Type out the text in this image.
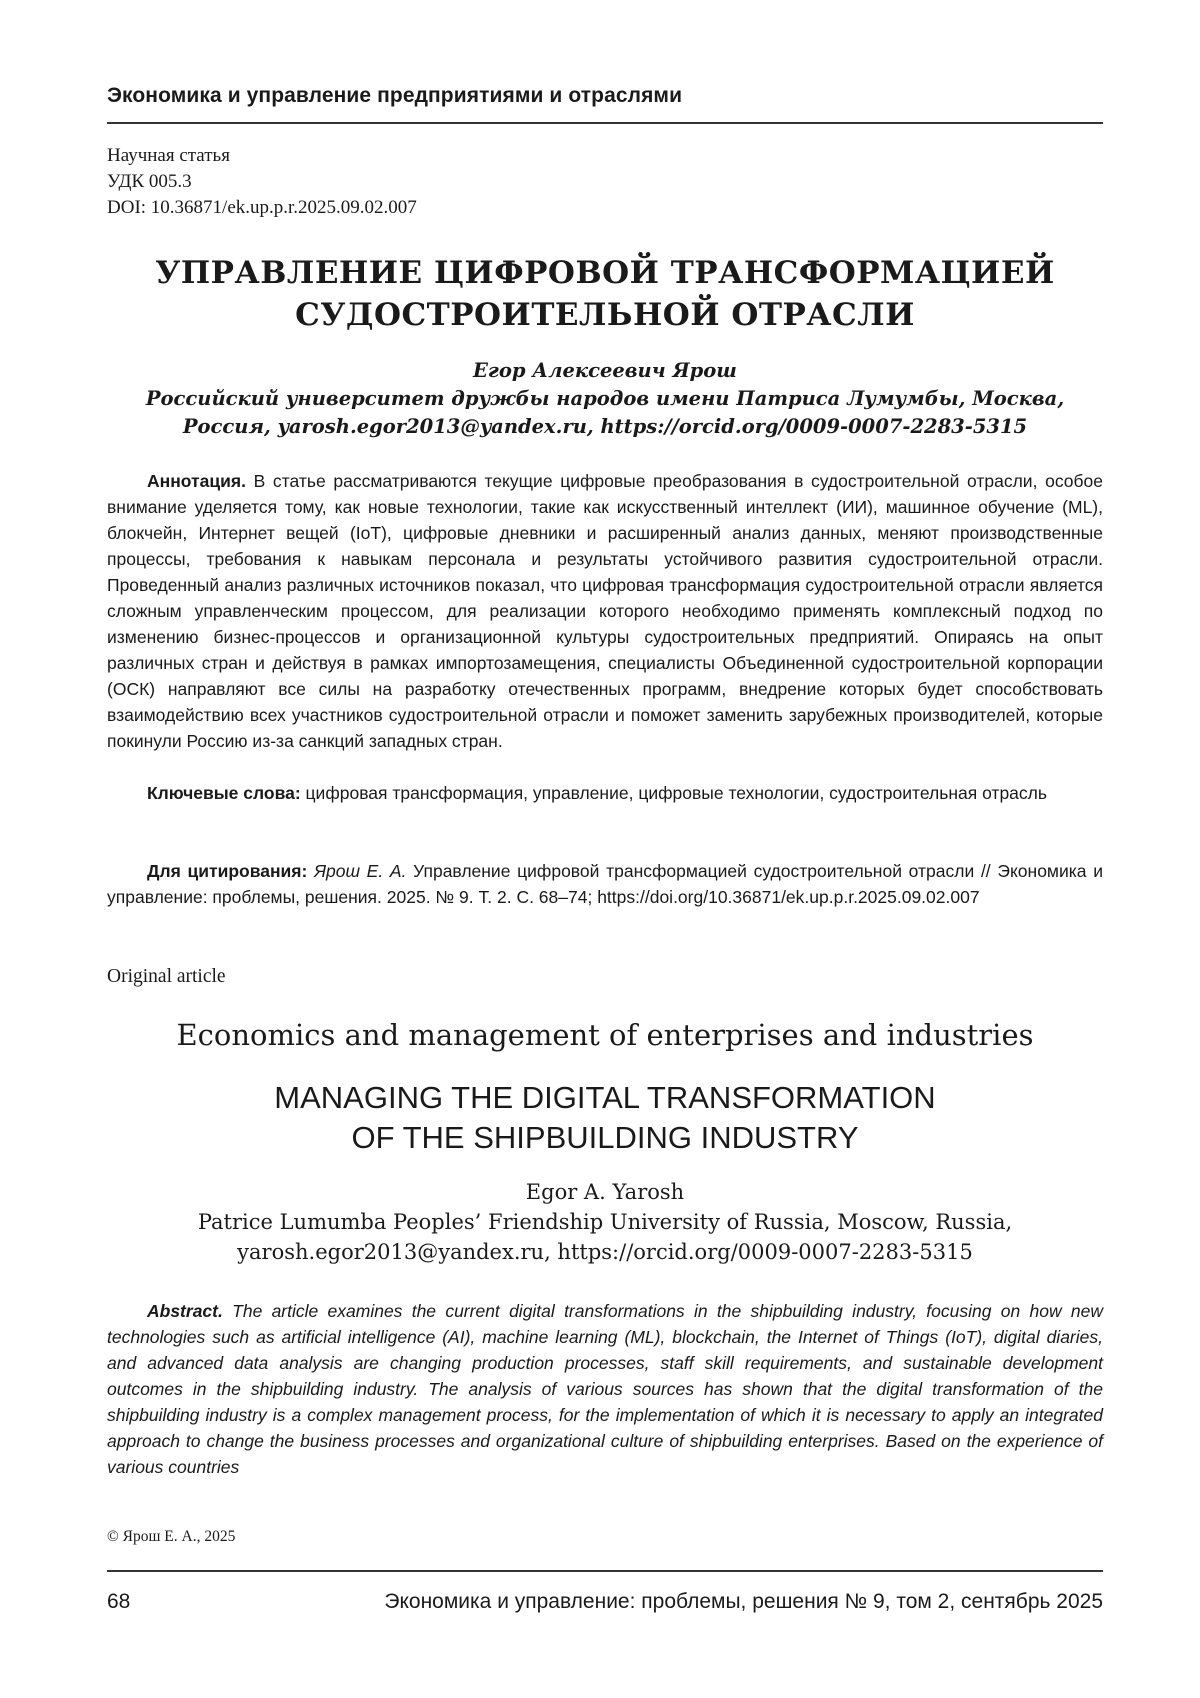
Экономика и управление предприятиями и отраслями
Научная статья
УДК 005.3
DOI: 10.36871/ek.up.p.r.2025.09.02.007
УПРАВЛЕНИЕ ЦИФРОВОЙ ТРАНСФОРМАЦИЕЙ
СУДОСТРОИТЕЛЬНОЙ ОТРАСЛИ
Егор Алексеевич Ярош
Российский университет дружбы народов имени Патриса Лумумбы, Москва,
Россия, yarosh.egor2013@yandex.ru, https://orcid.org/0009-0007-2283-5315
Аннотация. В статье рассматриваются текущие цифровые преобразования в судостроительной отрасли, особое внимание уделяется тому, как новые технологии, такие как искусственный интеллект (ИИ), машинное обучение (ML), блокчейн, Интернет вещей (IoT), цифровые дневники и расширенный анализ данных, меняют производственные процессы, требования к навыкам персонала и результаты устойчивого развития судостроительной отрасли. Проведенный анализ различных источников показал, что цифровая трансформация судостроительной отрасли является сложным управленческим процессом, для реализации которого необходимо применять комплексный подход по изменению бизнес-процессов и организационной культуры судостроительных предприятий. Опираясь на опыт различных стран и действуя в рамках импортозамещения, специалисты Объединенной судостроительной корпорации (ОСК) направляют все силы на разработку отечественных программ, внедрение которых будет способствовать взаимодействию всех участников судостроительной отрасли и поможет заменить зарубежных производителей, которые покинули Россию из-за санкций западных стран.
Ключевые слова: цифровая трансформация, управление, цифровые технологии, судостроительная отрасль
Для цитирования: Ярош Е. А. Управление цифровой трансформацией судостроительной отрасли // Экономика и управление: проблемы, решения. 2025. № 9. Т. 2. С. 68–74; https://doi.org/10.36871/ek.up.p.r.2025.09.02.007
Original article
Economics and management of enterprises and industries
MANAGING THE DIGITAL TRANSFORMATION
OF THE SHIPBUILDING INDUSTRY
Egor A. Yarosh
Patrice Lumumba Peoples’ Friendship University of Russia, Moscow, Russia,
yarosh.egor2013@yandex.ru, https://orcid.org/0009-0007-2283-5315
Abstract. The article examines the current digital transformations in the shipbuilding industry, focusing on how new technologies such as artificial intelligence (AI), machine learning (ML), blockchain, the Internet of Things (IoT), digital diaries, and advanced data analysis are changing production processes, staff skill requirements, and sustainable development outcomes in the shipbuilding industry. The analysis of various sources has shown that the digital transformation of the shipbuilding industry is a complex management process, for the implementation of which it is necessary to apply an integrated approach to change the business processes and organizational culture of shipbuilding enterprises. Based on the experience of various countries
© Ярош Е. А., 2025
68	Экономика и управление: проблемы, решения № 9, том 2, сентябрь 2025
